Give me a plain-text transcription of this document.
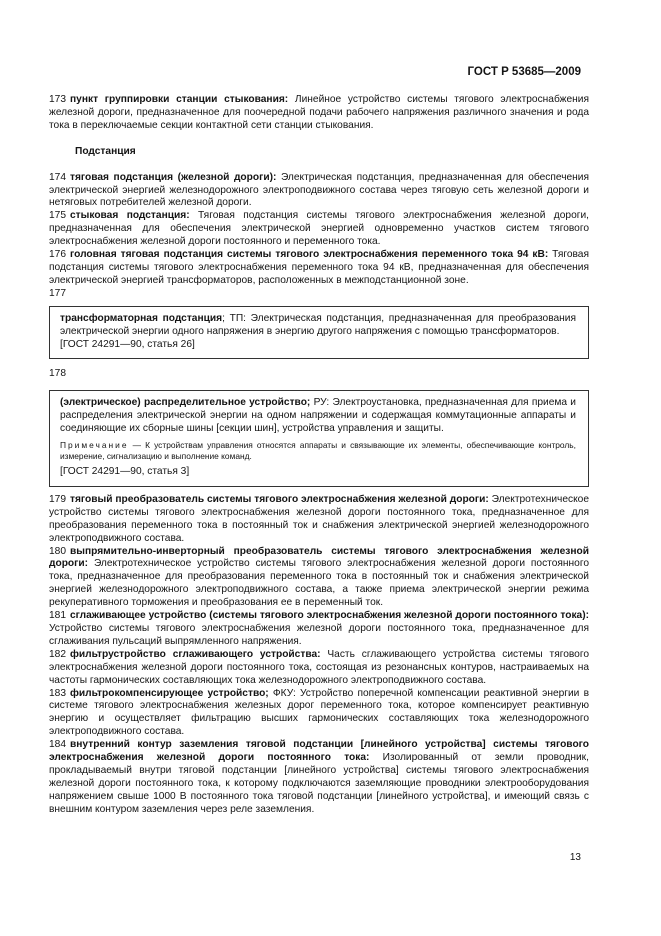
ГОСТ Р 53685—2009

173 пункт группировки станции стыкования: Линейное устройство системы тягового электроснабжения железной дороги, предназначенное для поочередной подачи рабочего напряжения различного значения и рода тока в переключаемые секции контактной сети станции стыкования.

Подстанция

174 тяговая подстанция (железной дороги): Электрическая подстанция, предназначенная для обеспечения электрической энергией железнодорожного электроподвижного состава через тяговую сеть железной дороги и нетяговых потребителей железной дороги.

175 стыковая подстанция: Тяговая подстанция системы тягового электроснабжения железной дороги, предназначенная для обеспечения электрической энергией одновременно участков систем тягового электроснабжения железной дороги постоянного и переменного тока.

176 головная тяговая подстанция системы тягового электроснабжения переменного тока 94 кВ: Тяговая подстанция системы тягового электроснабжения переменного тока 94 кВ, предназначенная для обеспечения электрической энергией трансформаторов, расположенных в межподстанционной зоне.

177

трансформаторная подстанция; ТП: Электрическая подстанция, предназначенная для преобразования электрической энергии одного напряжения в энергию другого напряжения с помощью трансформаторов.

[ГОСТ 24291—90, статья 26]

178

(электрическое) распределительное устройство; РУ: Электроустановка, предназначенная для приема и распределения электрической энергии на одном напряжении и содержащая коммутационные аппараты и соединяющие их сборные шины [секции шин], устройства управления и защиты.

Примечание — К устройствам управления относятся аппараты и связывающие их элементы, обеспечивающие контроль, измерение, сигнализацию и выполнение команд.

[ГОСТ 24291—90, статья 3]

179 тяговый преобразователь системы тягового электроснабжения железной дороги: Электротехническое устройство системы тягового электроснабжения железной дороги постоянного тока, предназначенное для преобразования переменного тока в постоянный ток и снабжения электрической энергией железнодорожного электроподвижного состава.

180 выпрямительно-инверторный преобразователь системы тягового электроснабжения железной дороги: Электротехническое устройство системы тягового электроснабжения железной дороги постоянного тока, предназначенное для преобразования переменного тока в постоянный ток и снабжения электрической энергией железнодорожного электроподвижного состава, а также приема электрической энергии режима рекуперативного торможения и преобразования ее в переменный ток.

181 сглаживающее устройство (системы тягового электроснабжения железной дороги постоянного тока): Устройство системы тягового электроснабжения железной дороги постоянного тока, предназначенное для сглаживания пульсаций выпрямленного напряжения.

182 фильтрустройство сглаживающего устройства: Часть сглаживающего устройства системы тягового электроснабжения железной дороги постоянного тока, состоящая из резонансных контуров, настраиваемых на частоты гармонических составляющих тока железнодорожного электроподвижного состава.

183 фильтрокомпенсирующее устройство; ФКУ: Устройство поперечной компенсации реактивной энергии в системе тягового электроснабжения железных дорог переменного тока, которое компенсирует реактивную энергию и осуществляет фильтрацию высших гармонических составляющих тока железнодорожного электроподвижного состава.

184 внутренний контур заземления тяговой подстанции [линейного устройства] системы тягового электроснабжения железной дороги постоянного тока: Изолированный от земли проводник, прокладываемый внутри тяговой подстанции [линейного устройства] системы тягового электроснабжения железной дороги постоянного тока, к которому подключаются заземляющие проводники электрооборудования напряжением свыше 1000 В постоянного тока тяговой подстанции [линейного устройства], и имеющий связь с внешним контуром заземления через реле заземления.

13
